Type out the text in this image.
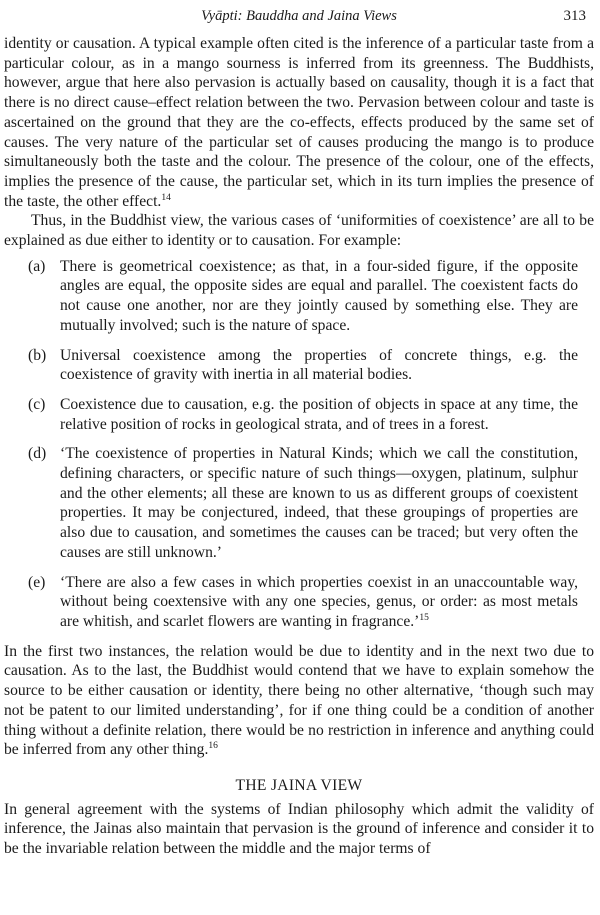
Vyāpti: Bauddha and Jaina Views	313

identity or causation. A typical example often cited is the inference of a particular taste from a particular colour, as in a mango sourness is inferred from its greenness. The Buddhists, however, argue that here also pervasion is actually based on causality, though it is a fact that there is no direct cause–effect relation between the two. Pervasion between colour and taste is ascertained on the ground that they are the co-effects, effects produced by the same set of causes. The very nature of the particular set of causes producing the mango is to produce simultaneously both the taste and the colour. The presence of the colour, one of the effects, implies the presence of the cause, the particular set, which in its turn implies the presence of the taste, the other effect.$^{14}$

Thus, in the Buddhist view, the various cases of ‘uniformities of coexistence’ are all to be explained as due either to identity or to causation. For example:

(a) There is geometrical coexistence; as that, in a four-sided figure, if the opposite angles are equal, the opposite sides are equal and parallel. The coexistent facts do not cause one another, nor are they jointly caused by something else. They are mutually involved; such is the nature of space.
(b) Universal coexistence among the properties of concrete things, e.g. the coexistence of gravity with inertia in all material bodies.
(c) Coexistence due to causation, e.g. the position of objects in space at any time, the relative position of rocks in geological strata, and of trees in a forest.
(d) ‘The coexistence of properties in Natural Kinds; which we call the constitution, defining characters, or specific nature of such things—oxygen, platinum, sulphur and the other elements; all these are known to us as different groups of coexistent properties. It may be conjectured, indeed, that these groupings of properties are also due to causation, and sometimes the causes can be traced; but very often the causes are still unknown.’
(e) ‘There are also a few cases in which properties coexist in an unaccountable way, without being coextensive with any one species, genus, or order: as most metals are whitish, and scarlet flowers are wanting in fragrance.’$^{15}$

In the first two instances, the relation would be due to identity and in the next two due to causation. As to the last, the Buddhist would contend that we have to explain somehow the source to be either causation or identity, there being no other alternative, ‘though such may not be patent to our limited understanding’, for if one thing could be a condition of another thing without a definite relation, there would be no restriction in inference and anything could be inferred from any other thing.$^{16}$

THE JAINA VIEW

In general agreement with the systems of Indian philosophy which admit the validity of inference, the Jainas also maintain that pervasion is the ground of inference and consider it to be the invariable relation between the middle and the major terms of
